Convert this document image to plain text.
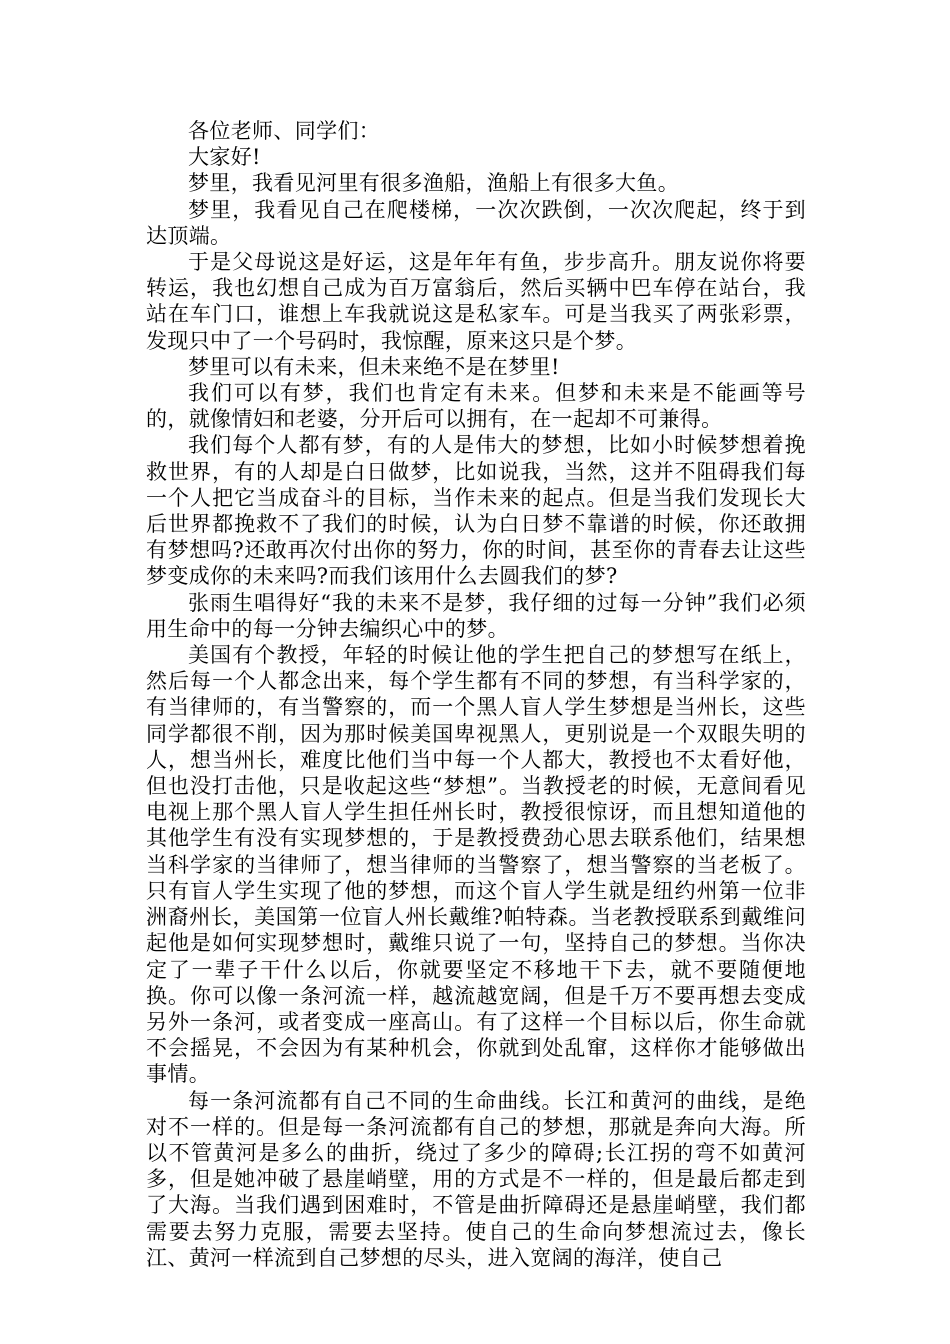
各位老师、同学们：

大家好!

梦里，我看见河里有很多渔船，渔船上有很多大鱼。

梦里，我看见自己在爬楼梯，一次次跌倒，一次次爬起，终于到达顶端。

于是父母说这是好运，这是年年有鱼，步步高升。朋友说你将要转运，我也幻想自己成为百万富翁后，然后买辆中巴车停在站台，我站在车门口，谁想上车我就说这是私家车。可是当我买了两张彩票，发现只中了一个号码时，我惊醒，原来这只是个梦。

梦里可以有未来，但未来绝不是在梦里!

我们可以有梦，我们也肯定有未来。但梦和未来是不能画等号的，就像情妇和老婆，分开后可以拥有，在一起却不可兼得。

我们每个人都有梦，有的人是伟大的梦想，比如小时候梦想着挽救世界，有的人却是白日做梦，比如说我，当然，这并不阻碍我们每一个人把它当成奋斗的目标，当作未来的起点。但是当我们发现长大后世界都挽救不了我们的时候，认为白日梦不靠谱的时候，你还敢拥有梦想吗?还敢再次付出你的努力，你的时间，甚至你的青春去让这些梦变成你的未来吗?而我们该用什么去圆我们的梦?

张雨生唱得好“我的未来不是梦，我仔细的过每一分钟”我们必须用生命中的每一分钟去编织心中的梦。

美国有个教授，年轻的时候让他的学生把自己的梦想写在纸上，然后每一个人都念出来，每个学生都有不同的梦想，有当科学家的，有当律师的，有当警察的，而一个黑人盲人学生梦想是当州长，这些同学都很不削，因为那时候美国卑视黑人，更别说是一个双眼失明的人，想当州长，难度比他们当中每一个人都大，教授也不太看好他，但也没打击他，只是收起这些“梦想”。当教授老的时候，无意间看见电视上那个黑人盲人学生担任州长时，教授很惊讶，而且想知道他的其他学生有没有实现梦想的，于是教授费劲心思去联系他们，结果想当科学家的当律师了，想当律师的当警察了，想当警察的当老板了。只有盲人学生实现了他的梦想，而这个盲人学生就是纽约州第一位非洲裔州长，美国第一位盲人州长戴维?帕特森。当老教授联系到戴维问起他是如何实现梦想时，戴维只说了一句，坚持自己的梦想。当你决定了一辈子干什么以后，你就要坚定不移地干下去，就不要随便地换。你可以像一条河流一样，越流越宽阔，但是千万不要再想去变成另外一条河，或者变成一座高山。有了这样一个目标以后，你生命就不会摇晃，不会因为有某种机会，你就到处乱窜，这样你才能够做出事情。

每一条河流都有自己不同的生命曲线。长江和黄河的曲线，是绝对不一样的。但是每一条河流都有自己的梦想，那就是奔向大海。所以不管黄河是多么的曲折，绕过了多少的障碍;长江拐的弯不如黄河多，但是她冲破了悬崖峭壁，用的方式是不一样的，但是最后都走到了大海。当我们遇到困难时，不管是曲折障碍还是悬崖峭壁，我们都需要去努力克服，需要去坚持。使自己的生命向梦想流过去，像长江、黄河一样流到自己梦想的尽头，进入宽阔的海洋，使自己
